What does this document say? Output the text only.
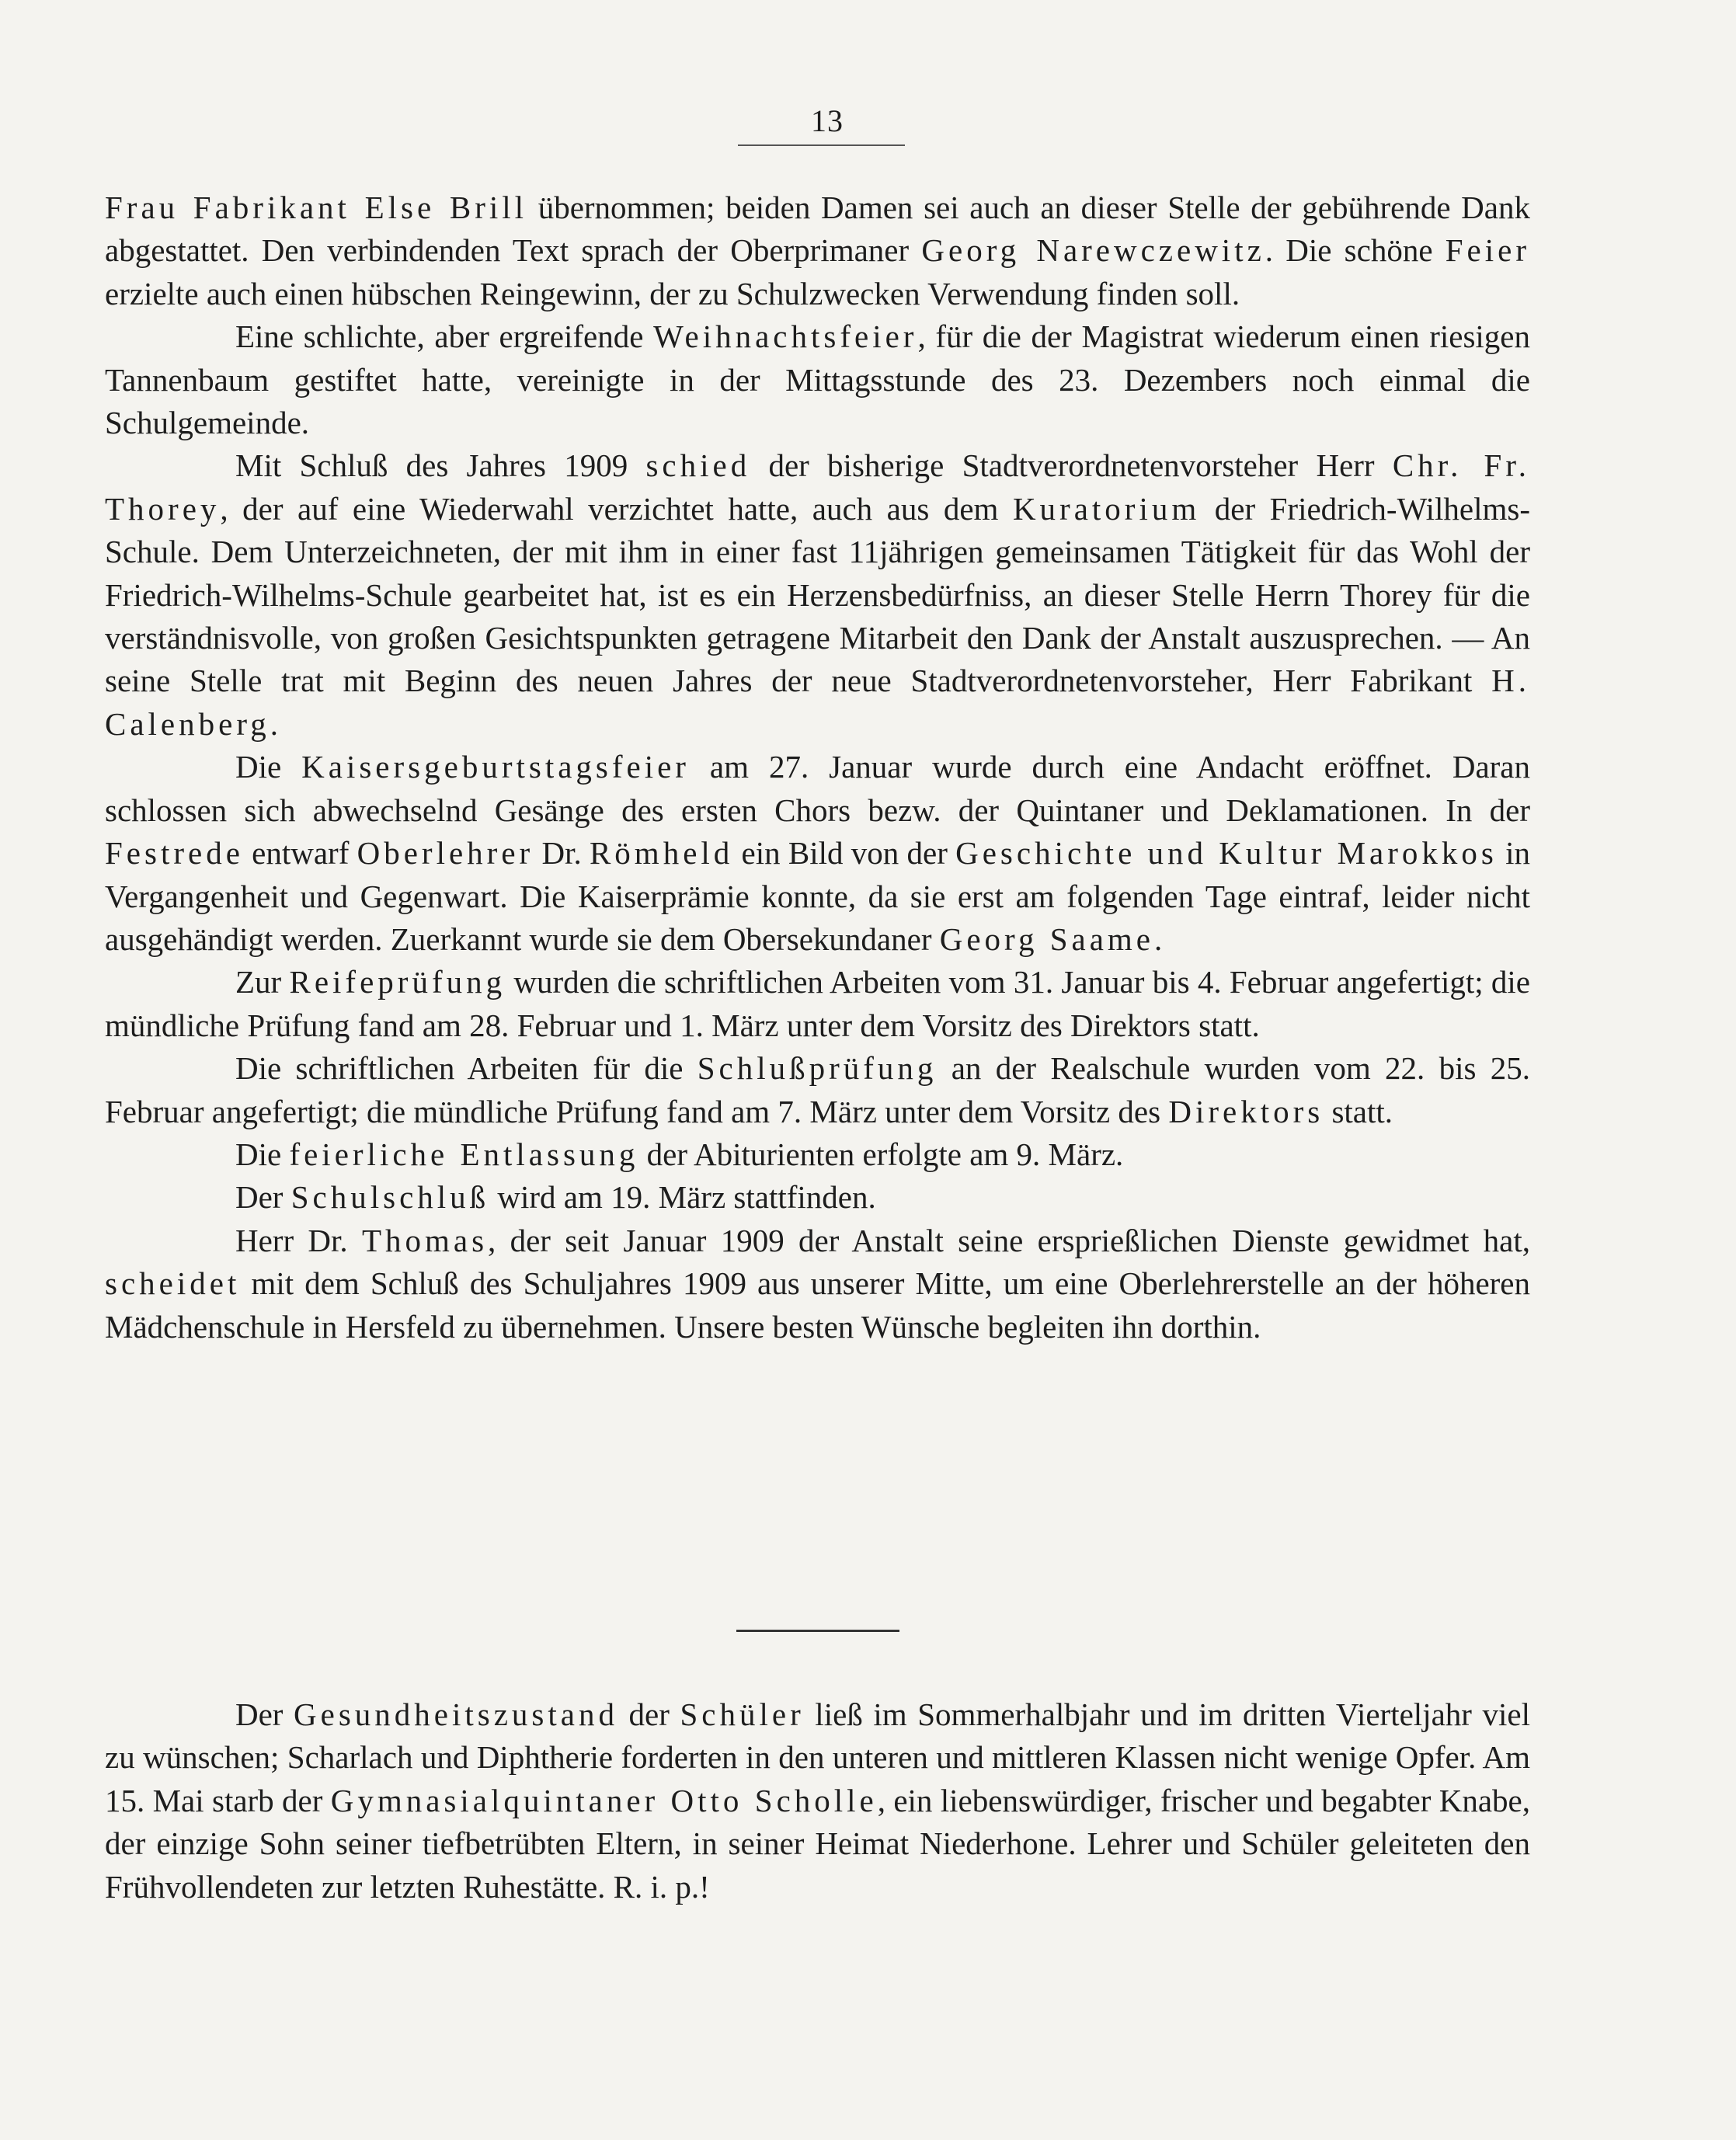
13

Frau Fabrikant Else Brill übernommen; beiden Damen sei auch an dieser Stelle der gebührende Dank abgestattet. Den verbindenden Text sprach der Oberprimaner Georg Narewczewitz. Die schöne Feier erzielte auch einen hübschen Reingewinn, der zu Schulzwecken Verwendung finden soll.

Eine schlichte, aber ergreifende Weihnachtsfeier, für die der Magistrat wiederum einen riesigen Tannenbaum gestiftet hatte, vereinigte in der Mittagsstunde des 23. Dezembers noch einmal die Schulgemeinde.

Mit Schluß des Jahres 1909 schied der bisherige Stadtverordnetenvorsteher Herr Chr. Fr. Thorey, der auf eine Wiederwahl verzichtet hatte, auch aus dem Kuratorium der Friedrich-Wilhelms-Schule. Dem Unterzeichneten, der mit ihm in einer fast 11jährigen gemeinsamen Tätigkeit für das Wohl der Friedrich-Wilhelms-Schule gearbeitet hat, ist es ein Herzensbedürfniss, an dieser Stelle Herrn Thorey für die verständnisvolle, von großen Gesichtspunkten getragene Mitarbeit den Dank der Anstalt auszusprechen. — An seine Stelle trat mit Beginn des neuen Jahres der neue Stadtverordnetenvorsteher, Herr Fabrikant H. Calenberg.

Die Kaisersgeburtstagsfeier am 27. Januar wurde durch eine Andacht eröffnet. Daran schlossen sich abwechselnd Gesänge des ersten Chors bezw. der Quintaner und Deklamationen. In der Festrede entwarf Oberlehrer Dr. Römheld ein Bild von der Geschichte und Kultur Marokkos in Vergangenheit und Gegenwart. Die Kaiserprämie konnte, da sie erst am folgenden Tage eintraf, leider nicht ausgehändigt werden. Zuerkannt wurde sie dem Obersekundaner Georg Saame.

Zur Reifeprüfung wurden die schriftlichen Arbeiten vom 31. Januar bis 4. Februar angefertigt; die mündliche Prüfung fand am 28. Februar und 1. März unter dem Vorsitz des Direktors statt.

Die schriftlichen Arbeiten für die Schlußprüfung an der Realschule wurden vom 22. bis 25. Februar angefertigt; die mündliche Prüfung fand am 7. März unter dem Vorsitz des Direktors statt.

Die feierliche Entlassung der Abiturienten erfolgte am 9. März.

Der Schulschluß wird am 19. März stattfinden.

Herr Dr. Thomas, der seit Januar 1909 der Anstalt seine ersprießlichen Dienste gewidmet hat, scheidet mit dem Schluß des Schuljahres 1909 aus unserer Mitte, um eine Oberlehrerstelle an der höheren Mädchenschule in Hersfeld zu übernehmen. Unsere besten Wünsche begleiten ihn dorthin.

Der Gesundheitszustand der Schüler ließ im Sommerhalbjahr und im dritten Vierteljahr viel zu wünschen; Scharlach und Diphtherie forderten in den unteren und mittleren Klassen nicht wenige Opfer. Am 15. Mai starb der Gymnasialquintaner Otto Scholle, ein liebenswürdiger, frischer und begabter Knabe, der einzige Sohn seiner tiefbetrübten Eltern, in seiner Heimat Niederhone. Lehrer und Schüler geleiteten den Frühvollendeten zur letzten Ruhestätte. R. i. p.!
